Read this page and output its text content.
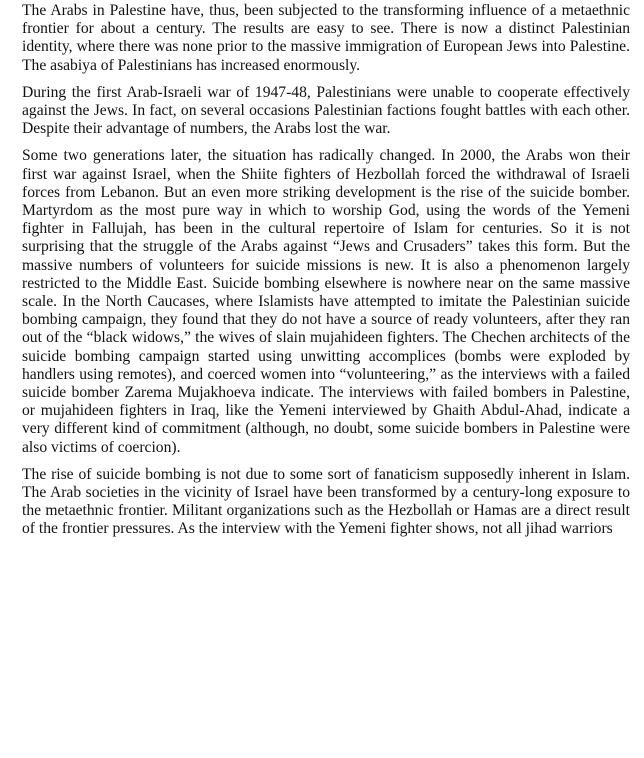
The Arabs in Palestine have, thus, been subjected to the transforming influence of a metaethnic frontier for about a century. The results are easy to see. There is now a distinct Palestinian identity, where there was none prior to the massive immigration of European Jews into Palestine. The asabiya of Palestinians has increased enormously.

During the first Arab-Israeli war of 1947-48, Palestinians were unable to cooperate effectively against the Jews. In fact, on several occasions Palestinian factions fought battles with each other. Despite their advantage of numbers, the Arabs lost the war.

Some two generations later, the situation has radically changed. In 2000, the Arabs won their first war against Israel, when the Shiite fighters of Hezbollah forced the withdrawal of Israeli forces from Lebanon. But an even more striking development is the rise of the suicide bomber. Martyrdom as the most pure way in which to worship God, using the words of the Yemeni fighter in Fallujah, has been in the cultural repertoire of Islam for centuries. So it is not surprising that the struggle of the Arabs against “Jews and Crusaders” takes this form. But the massive numbers of volunteers for suicide missions is new. It is also a phenomenon largely restricted to the Middle East. Suicide bombing elsewhere is nowhere near on the same massive scale. In the North Caucases, where Islamists have attempted to imitate the Palestinian suicide bombing campaign, they found that they do not have a source of ready volunteers, after they ran out of the “black widows,” the wives of slain mujahideen fighters. The Chechen architects of the suicide bombing campaign started using unwitting accomplices (bombs were exploded by handlers using remotes), and coerced women into “volunteering,” as the interviews with a failed suicide bomber Zarema Mujakhoeva indicate. The interviews with failed bombers in Palestine, or mujahideen fighters in Iraq, like the Yemeni interviewed by Ghaith Abdul-Ahad, indicate a very different kind of commitment (although, no doubt, some suicide bombers in Palestine were also victims of coercion).

The rise of suicide bombing is not due to some sort of fanaticism supposedly inherent in Islam. The Arab societies in the vicinity of Israel have been transformed by a century-long exposure to the metaethnic frontier. Militant organizations such as the Hezbollah or Hamas are a direct result of the frontier pressures. As the interview with the Yemeni fighter shows, not all jihad warriors
